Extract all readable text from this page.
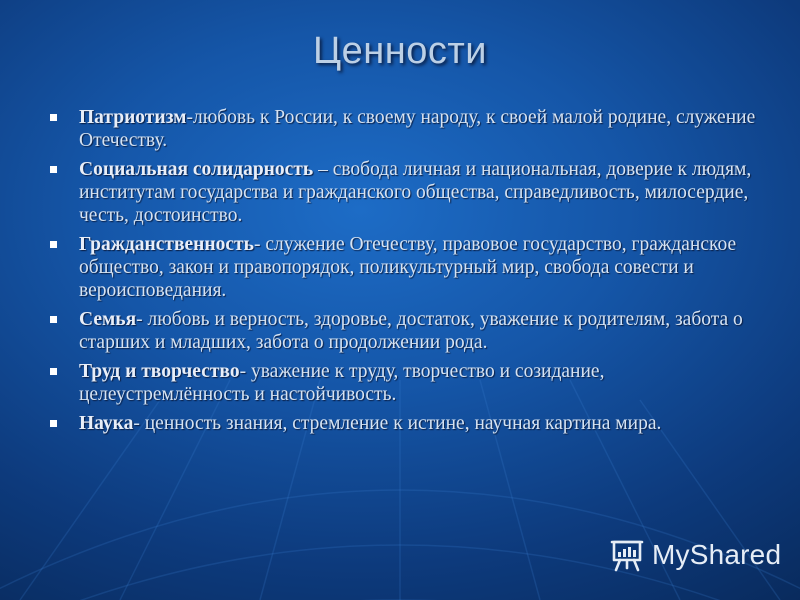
Ценности
Патриотизм-любовь к России, к своему народу, к своей малой родине, служение Отечеству.
Социальная солидарность – свобода личная и национальная, доверие к людям, институтам государства и гражданского общества, справедливость, милосердие, честь, достоинство.
Гражданственность- служение Отечеству, правовое государство, гражданское общество, закон и правопорядок, поликультурный мир, свобода совести и вероисповедания.
Семья- любовь и верность, здоровье, достаток, уважение к родителям, забота о старших и младших, забота о продолжении рода.
Труд и творчество- уважение к труду, творчество и созидание, целеустремлённость и настойчивость.
Наука- ценность знания, стремление к истине, научная картина мира.
MyShared
